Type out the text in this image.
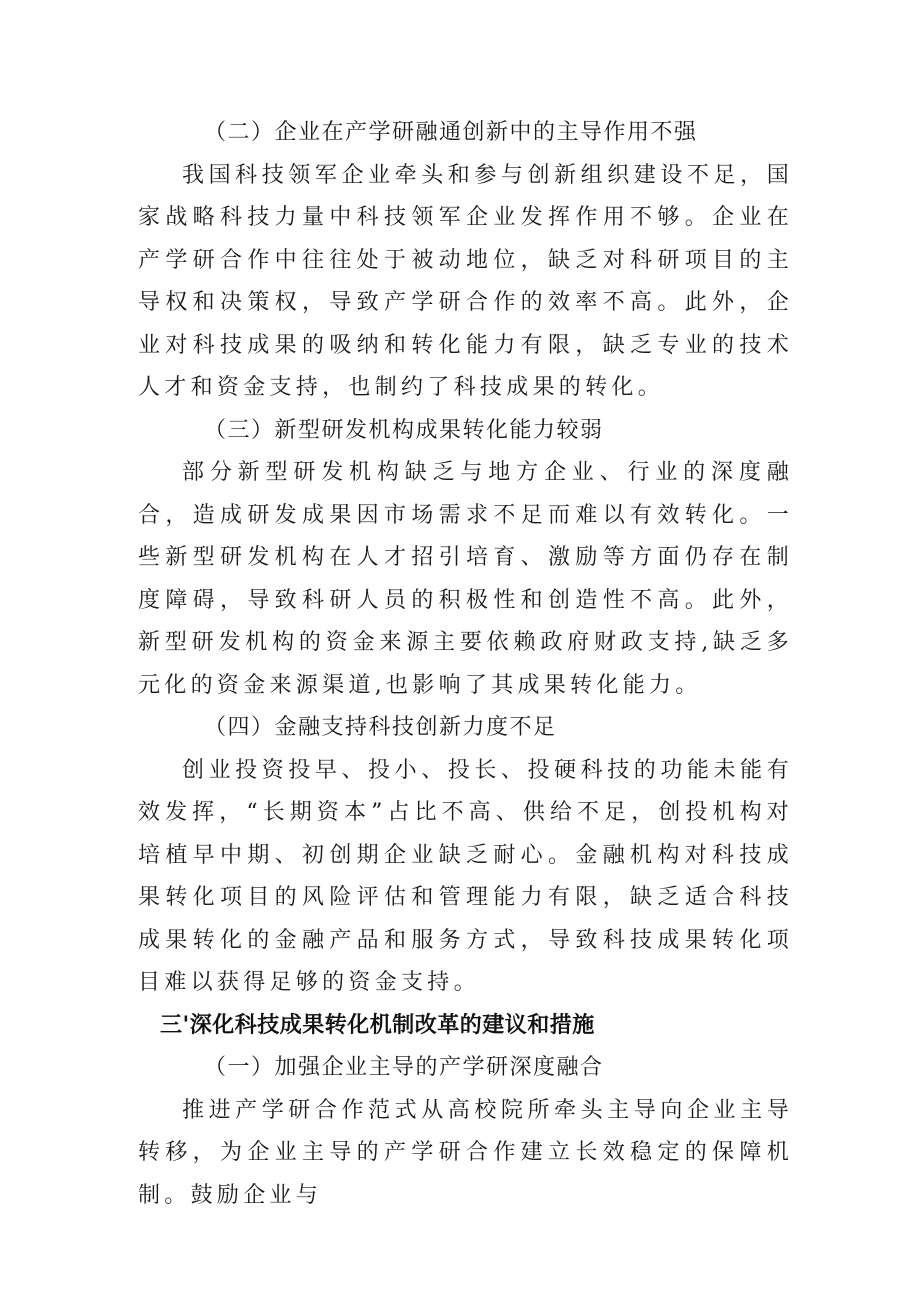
（二）企业在产学研融通创新中的主导作用不强

我国科技领军企业牵头和参与创新组织建设不足，国家战略科技力量中科技领军企业发挥作用不够。企业在产学研合作中往往处于被动地位，缺乏对科研项目的主导权和决策权，导致产学研合作的效率不高。此外，企业对科技成果的吸纳和转化能力有限，缺乏专业的技术人才和资金支持，也制约了科技成果的转化。

（三）新型研发机构成果转化能力较弱

部分新型研发机构缺乏与地方企业、行业的深度融合，造成研发成果因市场需求不足而难以有效转化。一些新型研发机构在人才招引培育、激励等方面仍存在制度障碍，导致科研人员的积极性和创造性不高。此外，新型研发机构的资金来源主要依赖政府财政支持,缺乏多元化的资金来源渠道,也影响了其成果转化能力。

（四）金融支持科技创新力度不足

创业投资投早、投小、投长、投硬科技的功能未能有效发挥，“长期资本”占比不高、供给不足，创投机构对培植早中期、初创期企业缺乏耐心。金融机构对科技成果转化项目的风险评估和管理能力有限，缺乏适合科技成果转化的金融产品和服务方式，导致科技成果转化项目难以获得足够的资金支持。

三'深化科技成果转化机制改革的建议和措施

（一）加强企业主导的产学研深度融合

推进产学研合作范式从高校院所牵头主导向企业主导转移，为企业主导的产学研合作建立长效稳定的保障机制。鼓励企业与
